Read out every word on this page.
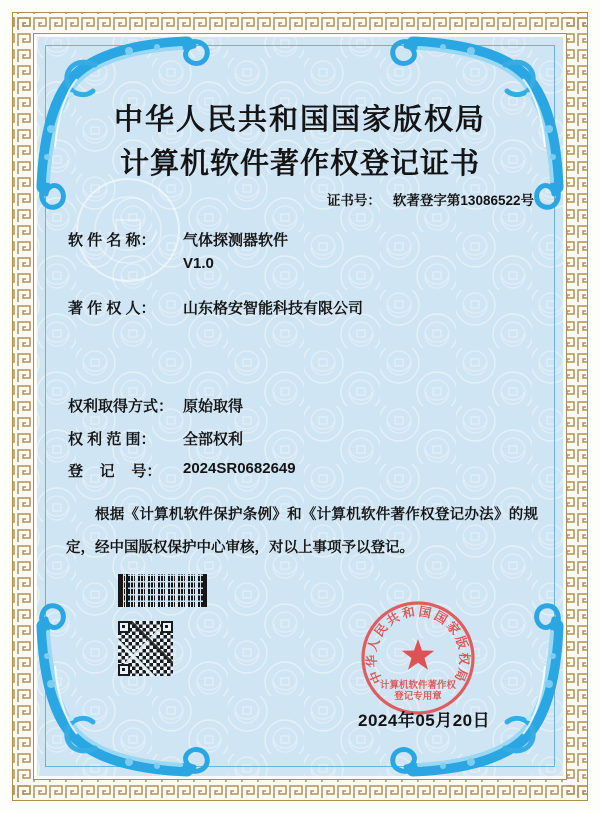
中华人民共和国国家版权局
计算机软件著作权登记证书
证书号： 软著登字第13086522号
软 件 名 称： 气体探测器软件
V1.0
著 作 权 人： 山东格安智能科技有限公司
权利取得方式： 原始取得
权 利 范 围： 全部权利
登    记    号： 2024SR0682649
根据《计算机软件保护条例》和《计算机软件著作权登记办法》的规定，经中国版权保护中心审核，对以上事项予以登记。
中华人民共和国国家版权局
计算机软件著作权
登记专用章
2024年05月20日
